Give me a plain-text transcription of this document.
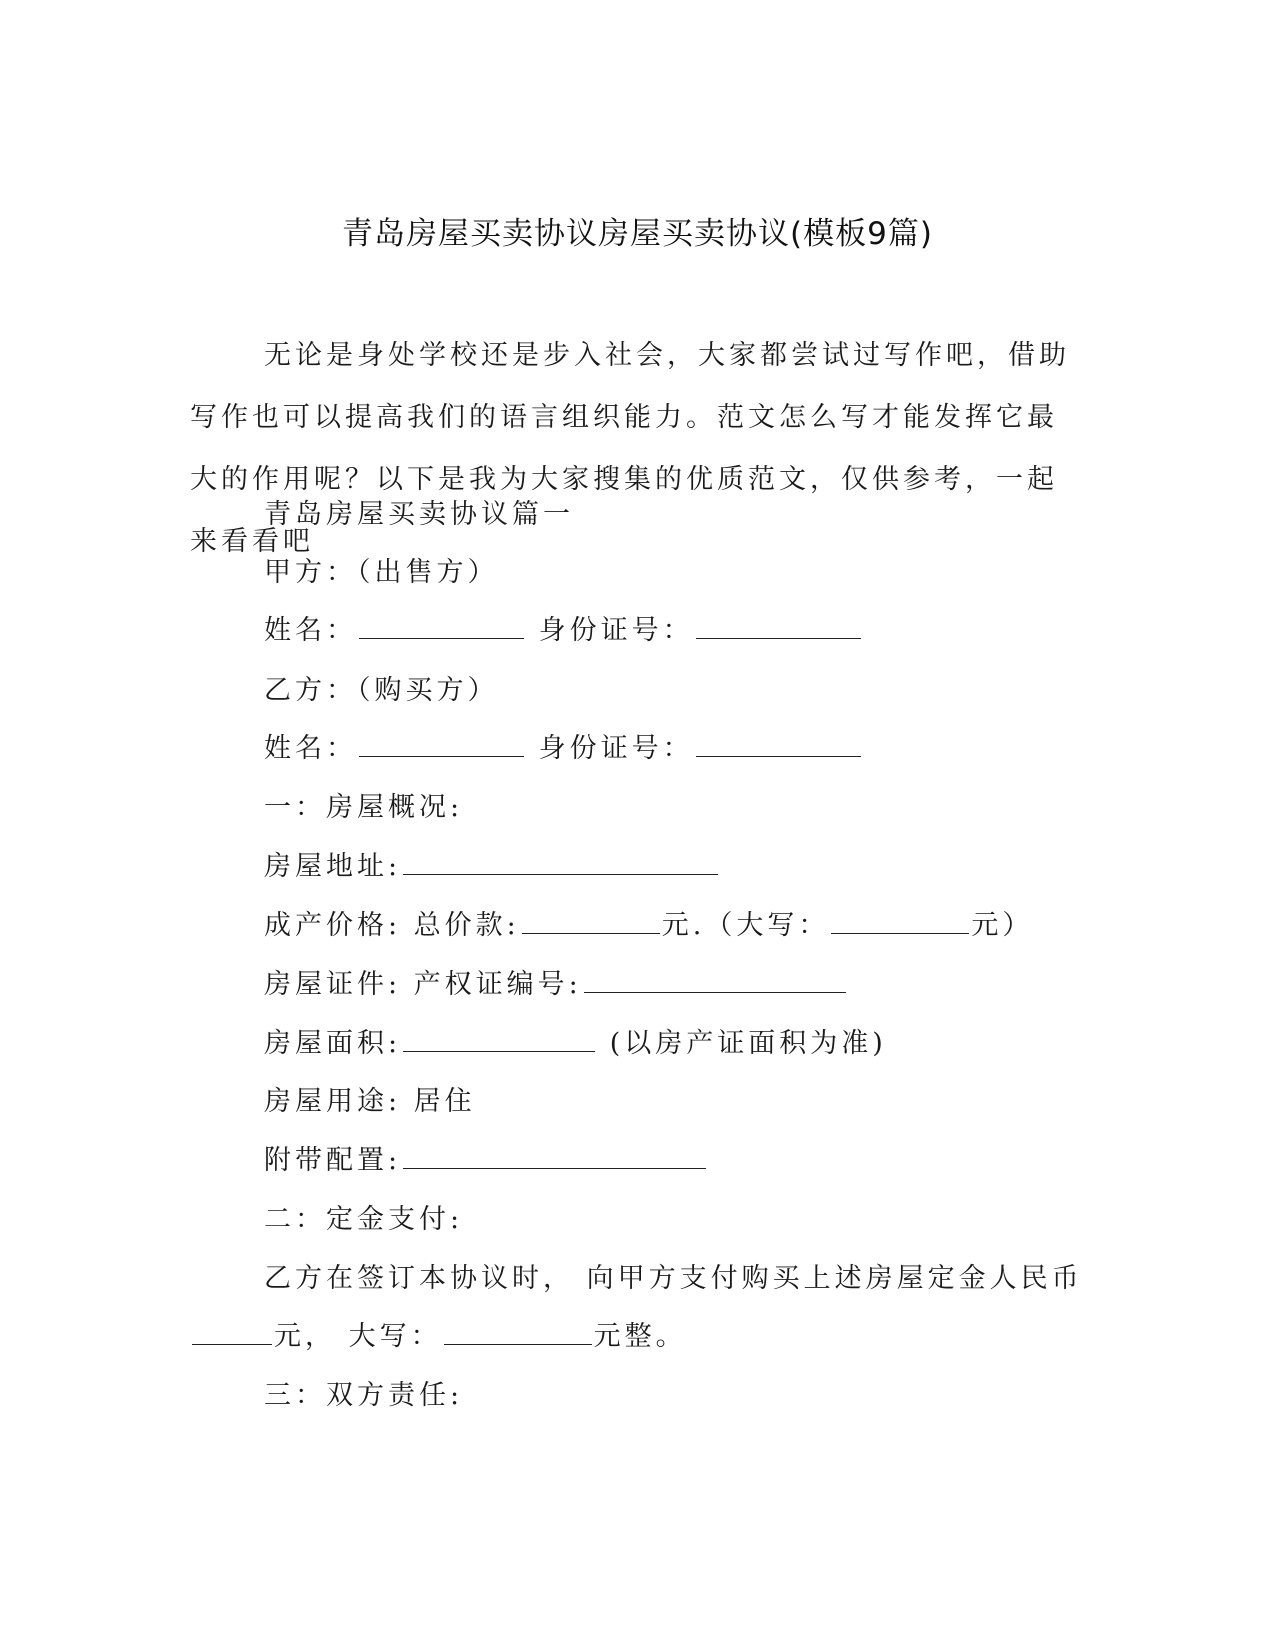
青岛房屋买卖协议房屋买卖协议(模板9篇)

无论是身处学校还是步入社会，大家都尝试过写作吧，借助写作也可以提高我们的语言组织能力。范文怎么写才能发挥它最大的作用呢？以下是我为大家搜集的优质范文，仅供参考，一起来看看吧

青岛房屋买卖协议篇一
甲方：（出售方）
姓名：	身份证号：
乙方：（购买方）
姓名：	身份证号：
一：房屋概况:
房屋地址:
成产价格: 总价款:	元.（大写：	元）
房屋证件: 产权证编号:
房屋面积:	(以房产证面积为准)
房屋用途: 居住
附带配置:
二：定金支付:
乙方在签订本协议时， 向甲方支付购买上述房屋定金人民币
元， 大写：	元整。
三：双方责任:
